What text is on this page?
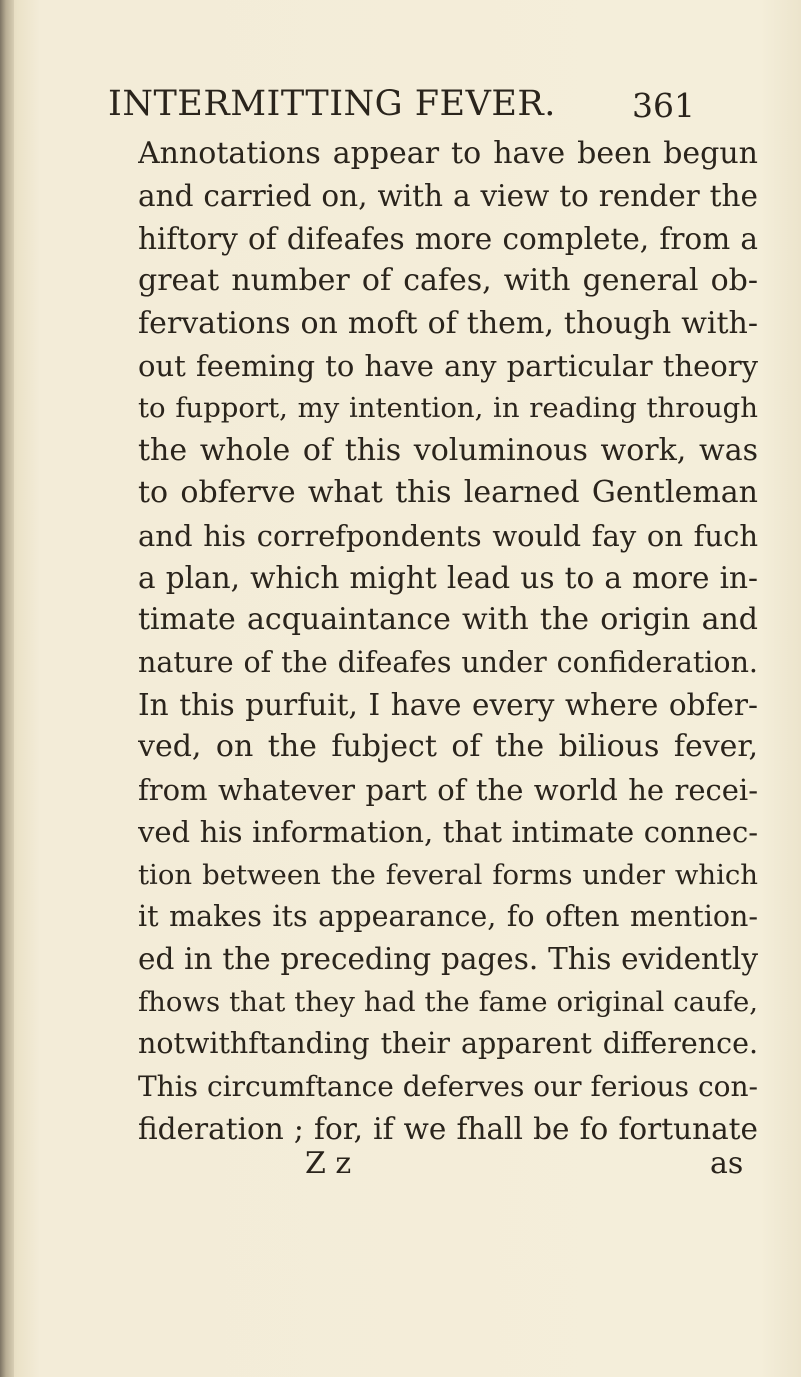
INTERMITTING FEVER. 361
Annotations appear to have been begun
and carried on, with a view to render the
hiftory of difeafes more complete, from a
great number of cafes, with general ob-
fervations on moft of them, though with-
out feeming to have any particular theory
to fupport, my intention, in reading through
the whole of this voluminous work, was
to obferve what this learned Gentleman
and his correfpondents would fay on fuch
a plan, which might lead us to a more in-
timate acquaintance with the origin and
nature of the difeafes under confideration.
In this purfuit, I have every where obfer-
ved, on the fubject of the bilious fever,
from whatever part of the world he recei-
ved his information, that intimate connec-
tion between the feveral forms under which
it makes its appearance, fo often mention-
ed in the preceding pages. This evidently
fhows that they had the fame original caufe,
notwithftanding their apparent difference.
This circumftance deferves our ferious con-
fideration ; for, if we fhall be fo fortunate
Z z	as
